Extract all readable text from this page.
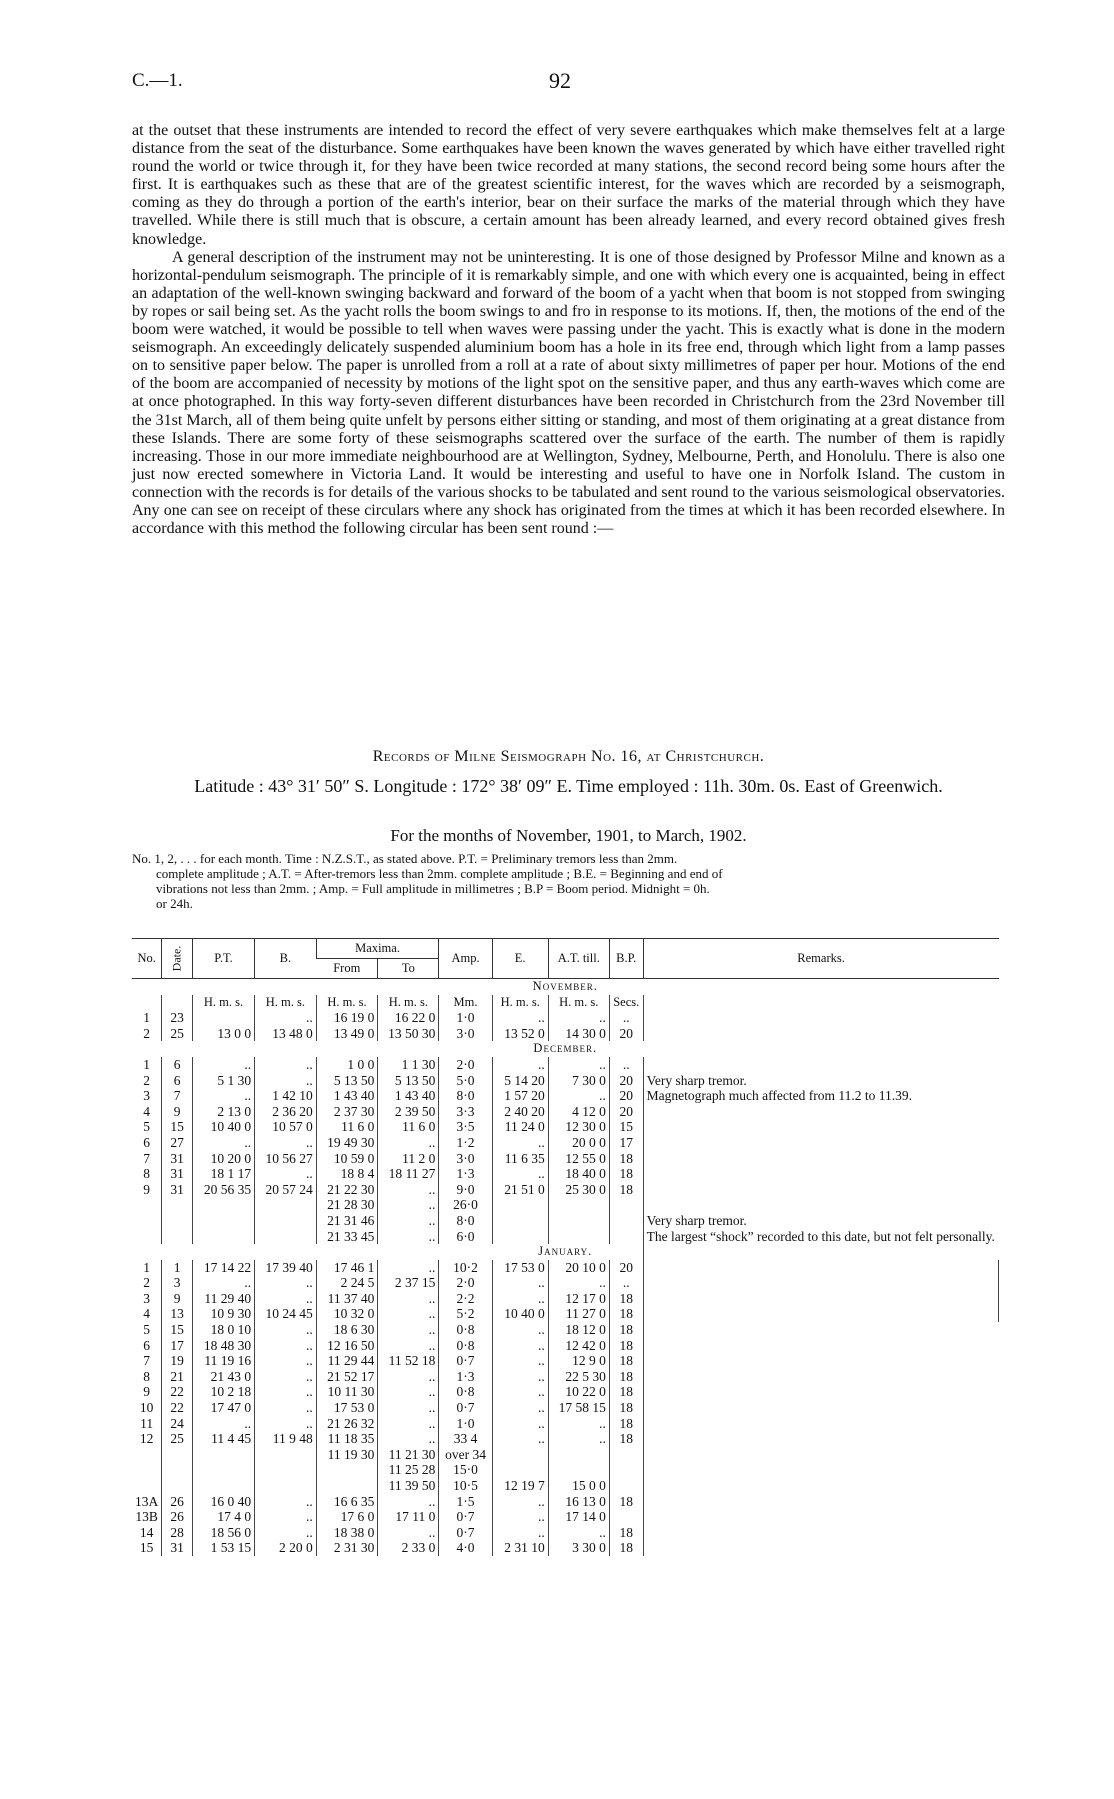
C.—1.	92

at the outset that these instruments are intended to record the effect of very severe earthquakes which make themselves felt at a large distance from the seat of the disturbance. Some earthquakes have been known the waves generated by which have either travelled right round the world or twice through it, for they have been twice recorded at many stations, the second record being some hours after the first. It is earthquakes such as these that are of the greatest scientific interest, for the waves which are recorded by a seismograph, coming as they do through a portion of the earth's interior, bear on their surface the marks of the material through which they have travelled. While there is still much that is obscure, a certain amount has been already learned, and every record obtained gives fresh knowledge.

A general description of the instrument may not be uninteresting. It is one of those designed by Professor Milne and known as a horizontal-pendulum seismograph. The principle of it is remarkably simple, and one with which every one is acquainted, being in effect an adaptation of the well-known swinging backward and forward of the boom of a yacht when that boom is not stopped from swinging by ropes or sail being set. As the yacht rolls the boom swings to and fro in response to its motions. If, then, the motions of the end of the boom were watched, it would be possible to tell when waves were passing under the yacht. This is exactly what is done in the modern seismograph. An exceedingly delicately suspended aluminium boom has a hole in its free end, through which light from a lamp passes on to sensitive paper below. The paper is unrolled from a roll at a rate of about sixty millimetres of paper per hour. Motions of the end of the boom are accompanied of necessity by motions of the light spot on the sensitive paper, and thus any earth-waves which come are at once photographed. In this way forty-seven different disturbances have been recorded in Christchurch from the 23rd November till the 31st March, all of them being quite unfelt by persons either sitting or standing, and most of them originating at a great distance from these Islands. There are some forty of these seismographs scattered over the surface of the earth. The number of them is rapidly increasing. Those in our more immediate neighbourhood are at Wellington, Sydney, Melbourne, Perth, and Honolulu. There is also one just now erected somewhere in Victoria Land. It would be interesting and useful to have one in Norfolk Island. The custom in connection with the records is for details of the various shocks to be tabulated and sent round to the various seismological observatories. Any one can see on receipt of these circulars where any shock has originated from the times at which it has been recorded elsewhere. In accordance with this method the following circular has been sent round :—

Records of Milne Seismograph No. 16, at Christchurch.
Latitude : 43° 31′ 50″ S. Longitude : 172° 38′ 09″ E. Time employed : 11h. 30m. 0s. East of Greenwich.
For the months of November, 1901, to March, 1902.
No. 1, 2, . . . for each month. Time : N.Z.S.T., as stated above. P.T. = Preliminary tremors less than 2mm.
complete amplitude ; A.T. = After-tremors less than 2mm. complete amplitude ; B.E. = Beginning and end of
vibrations not less than 2mm. ; Amp. = Full amplitude in millimetres ; B.P = Boom period. Midnight = 0h.
or 24h.
No.	Date.	P.T.	B.	Maxima.		Amp.	E.	A.T. till.	B.P.	Remarks.	
				From	To						
November.											
		H. m. s.	H. m. s.	H. m. s.	H. m. s.	Mm.	H. m. s.	H. m. s.	Secs.		
1	23		..	16 19 0	16 22 0	1·0	..	..	..		
2	25	13 0 0	13 48 0	13 49 0	13 50 30	3·0	13 52 0	14 30 0	20		
December.											
1	6	..	..	1 0 0	1 1 30	2·0	..	..	..		
2	6	5 1 30	..	5 13 50	5 13 50	5·0	5 14 20	7 30 0	20	Very sharp tremor.	
3	7	..	1 42 10	1 43 40	1 43 40	8·0	1 57 20	..	20	Magnetograph much affected from 11.2 to 11.39.	
4	9	2 13 0	2 36 20	2 37 30	2 39 50	3·3	2 40 20	4 12 0	20		
5	15	10 40 0	10 57 0	11 6 0	11 6 0	3·5	11 24 0	12 30 0	15		
6	27	..	..	19 49 30	..	1·2	..	20 0 0	17		
7	31	10 20 0	10 56 27	10 59 0	11 2 0	3·0	11 6 35	12 55 0	18		
8	31	18 1 17	..	18 8 4	18 11 27	1·3	..	18 40 0	18		
9	31	20 56 35	20 57 24	21 22 30	..	9·0	21 51 0	25 30 0	18		
				21 28 30	..	26·0					
				21 31 46	..	8·0				Very sharp tremor.	
				21 33 45	..	6·0				The largest “shock” recorded to this date, but not felt personally.	
January.											
1	1	17 14 22	17 39 40	17 46 1	..	10·2	17 53 0	20 10 0	20		
2	3	..	..	2 24 5	2 37 15	2·0	..	..	..		
3	9	11 29 40	..	11 37 40	..	2·2	..	12 17 0	18		
4	13	10 9 30	10 24 45	10 32 0	..	5·2	10 40 0	11 27 0	18		
5	15	18 0 10	..	18 6 30	..	0·8	..	18 12 0	18		
6	17	18 48 30	..	12 16 50	..	0·8	..	12 42 0	18		
7	19	11 19 16	..	11 29 44	11 52 18	0·7	..	12 9 0	18		
8	21	21 43 0	..	21 52 17	..	1·3	..	22 5 30	18		
9	22	10 2 18	..	10 11 30	..	0·8	..	10 22 0	18		
10	22	17 47 0	..	17 53 0	..	0·7	..	17 58 15	18		
11	24	..	..	21 26 32	..	1·0	..	..	18		
12	25	11 4 45	11 9 48	11 18 35	..	33 4	..	..	18		
				11 19 30	11 21 30	over 34					
					11 25 28	15·0					
					11 39 50	10·5	12 19 7	15 0 0			
13A	26	16 0 40	..	16 6 35	..	1·5	..	16 13 0	18		
13B	26	17 4 0	..	17 6 0	17 11 0	0·7	..	17 14 0			
14	28	18 56 0	..	18 38 0	..	0·7	..	..	18		
15	31	1 53 15	2 20 0	2 31 30	2 33 0	4·0	2 31 10	3 30 0	18		
